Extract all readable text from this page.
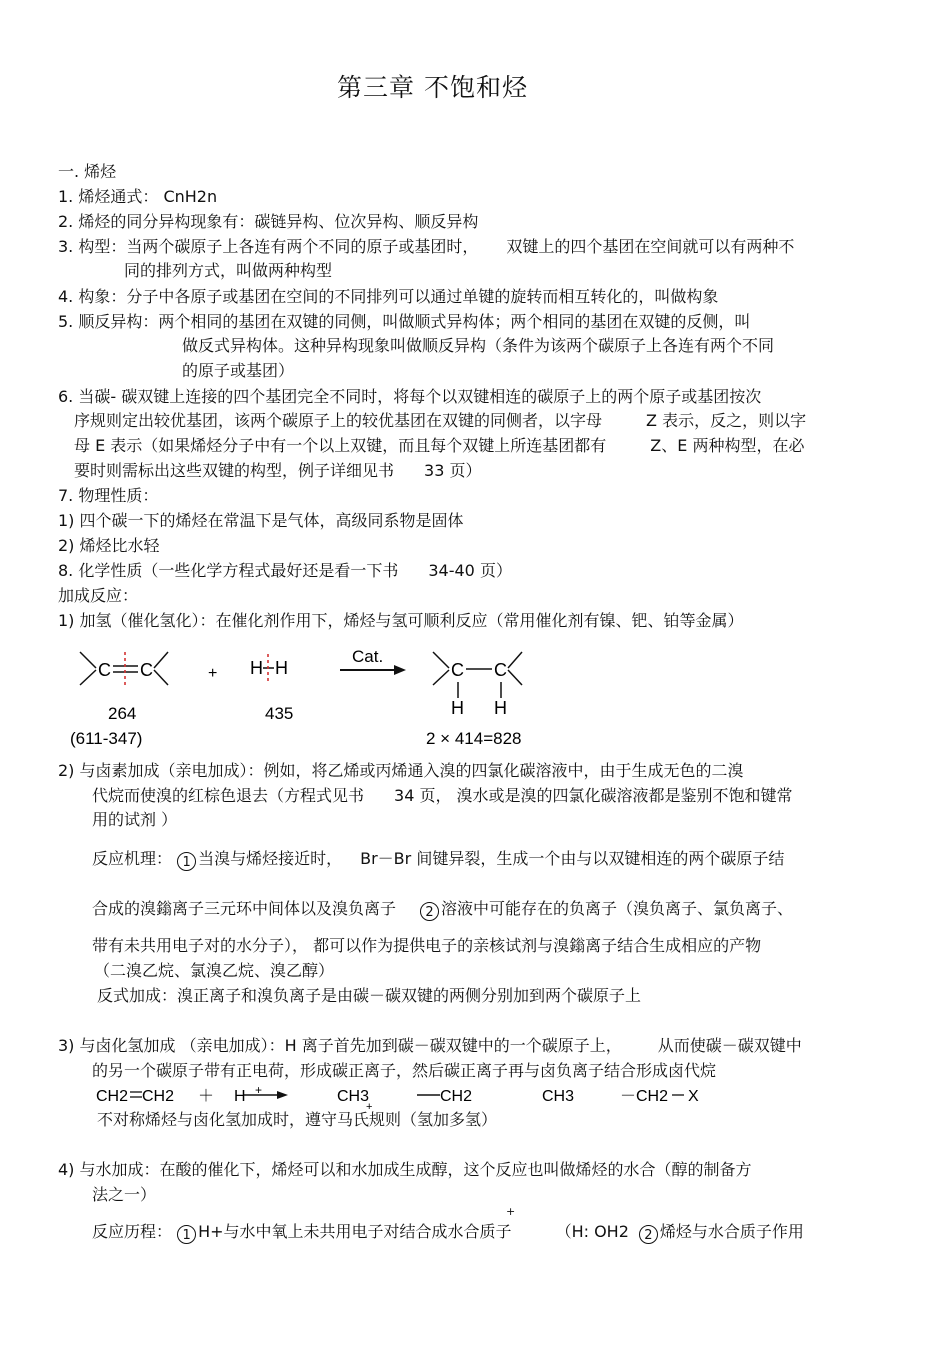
第三章 不饱和烃
一. 烯烃
1. 烯烃通式： CnH2n
2. 烯烃的同分异构现象有：碳链异构、位次异构、顺反异构
3. 构型：当两个碳原子上各连有两个不同的原子或基团时， 双键上的四个基团在空间就可以有两种不
同的排列方式，叫做两种构型
4. 构象：分子中各原子或基团在空间的不同排列可以通过单键的旋转而相互转化的，叫做构象
5. 顺反异构：两个相同的基团在双键的同侧，叫做顺式异构体；两个相同的基团在双键的反侧，叫
做反式异构体。这种异构现象叫做顺反异构（条件为该两个碳原子上各连有两个不同
的原子或基团）
6. 当碳- 碳双键上连接的四个基团完全不同时，将每个以双键相连的碳原子上的两个原子或基团按次
序规则定出较优基团，该两个碳原子上的较优基团在双键的同侧者，以字母	Z 表示，反之，则以字
母 E 表示（如果烯烃分子中有一个以上双键，而且每个双键上所连基团都有	Z、E 两种构型，在必
要时则需标出这些双键的构型，例子详细见书 33 页）
7. 物理性质：
1) 四个碳一下的烯烃在常温下是气体，高级同系物是固体
2) 烯烃比水轻
8. 化学性质（一些化学方程式最好还是看一下书 34-40 页）
加成反应：
1) 加氢（催化氢化）：在催化剂作用下，烯烃与氢可顺利反应（常用催化剂有镍、钯、铂等金属）
C C	+ H H
Cat.
C C
H H
264
(611-347)
435
2 × 414=828
2) 与卤素加成（亲电加成）：例如，将乙烯或丙烯通入溴的四氯化碳溶液中，由于生成无色的二溴
代烷而使溴的红棕色退去（方程式见书 34 页， 溴水或是溴的四氯化碳溶液都是鉴别不饱和键常
用的试剂 ）
反应机理： 1 当溴与烯烃接近时， Br－Br 间键异裂，生成一个由与以双键相连的两个碳原子结
合成的溴鎓离子三元环中间体以及溴负离子 2 溶液中可能存在的负离子（溴负离子、氯负离子、
带有未共用电子对的水分子）， 都可以作为提供电子的亲核试剂与溴鎓离子结合生成相应的产物
（二溴乙烷、氯溴乙烷、溴乙醇）
反式加成：溴正离子和溴负离子是由碳－碳双键的两侧分别加到两个碳原子上
3) 与卤化氢加成 （亲电加成）：H 离子首先加到碳－碳双键中的一个碳原子上， 从而使碳－碳双键中
的另一个碳原子带有正电荷，形成碳正离子，然后碳正离子再与卤负离子结合形成卤代烷
CH2 CH2 ＋ H +	CH3
+
CH2	CH3	－CH2 X
不对称烯烃与卤化氢加成时，遵守马氏规则（氢加多氢）
4) 与水加成：在酸的催化下，烯烃可以和水加成生成醇，这个反应也叫做烯烃的水合（醇的制备方
法之一）
+
反应历程： 1 H+与水中氧上未共用电子对结合成水合质子	（H: OH2 2 烯烃与水合质子作用
